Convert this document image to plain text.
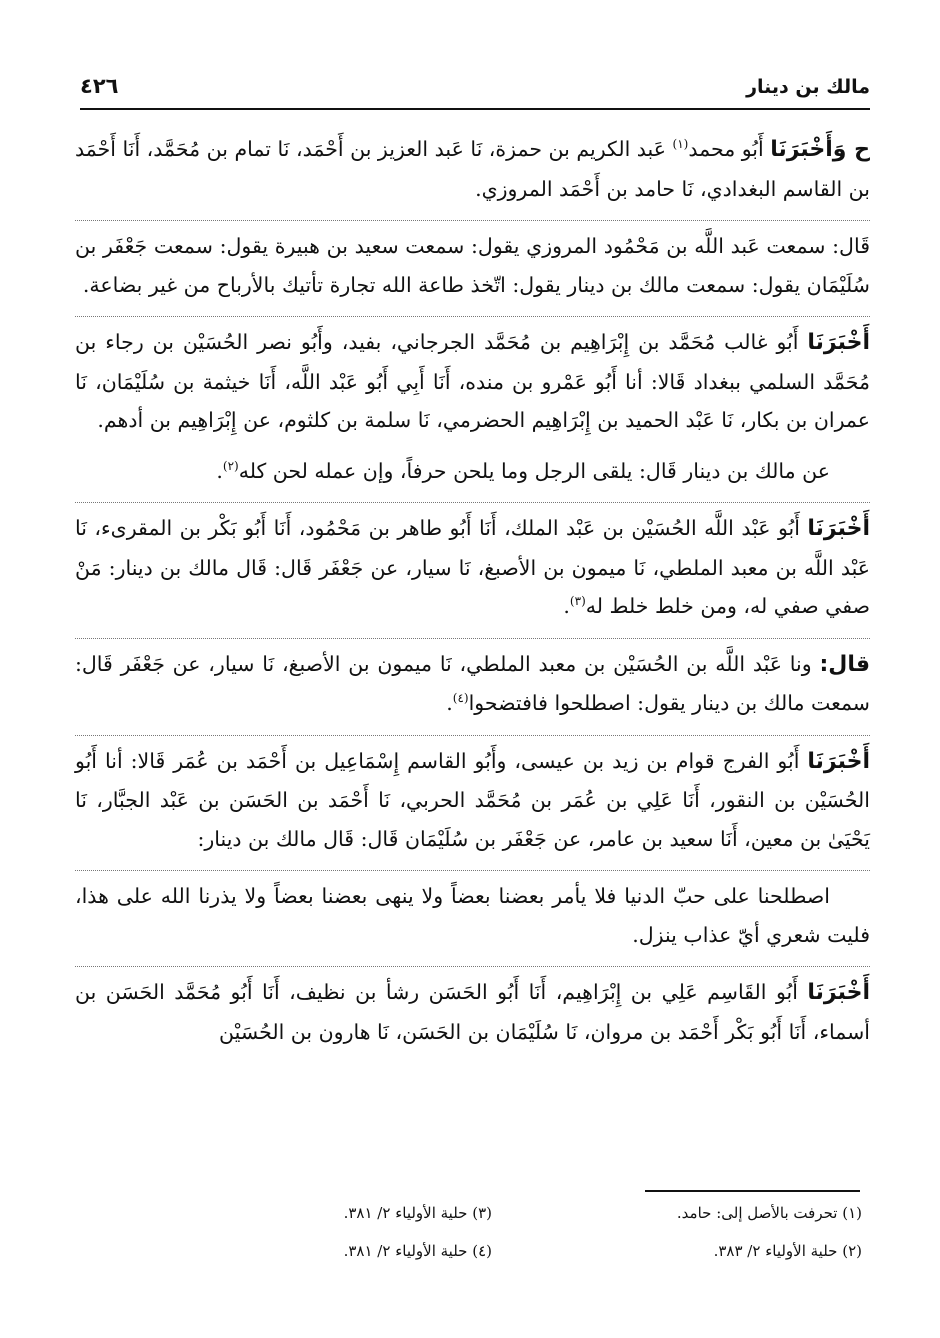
مالك بن دينار
٤٢٦

ح وَأَخْبَرَنَا أَبُو محمد$^{(١)}$ عَبد الكريم بن حمزة، نَا عَبد العزيز بن أَحْمَد، نَا تمام بن مُحَمَّد، أَنَا أَحْمَد بن القاسم البغدادي، نَا حامد بن أَحْمَد المروزي.

قَال: سمعت عَبد اللَّه بن مَحْمُود المروزي يقول: سمعت سعيد بن هبيرة يقول: سمعت جَعْفَر بن سُلَيْمَان يقول: سمعت مالك بن دينار يقول: اتّخذ طاعة الله تجارة تأتيك بالأرباح من غير بضاعة.

أَخْبَرَنَا أَبُو غالب مُحَمَّد بن إِبْرَاهِيم بن مُحَمَّد الجرجاني، بفيد، وأَبُو نصر الحُسَيْن بن رجاء بن مُحَمَّد السلمي ببغداد قَالا: أنا أَبُو عَمْرو بن منده، أَنَا أَبِي أَبُو عَبْد اللَّه، أَنَا خيثمة بن سُلَيْمَان، نَا عمران بن بكار، نَا عَبْد الحميد بن إِبْرَاهِيم الحضرمي، نَا سلمة بن كلثوم، عن إِبْرَاهِيم بن أدهم.

عن مالك بن دينار قَال: يلقى الرجل وما يلحن حرفاً، وإن عمله لحن كله$^{(٢)}$.

أَخْبَرَنَا أَبُو عَبْد اللَّه الحُسَيْن بن عَبْد الملك، أَنَا أَبُو طاهر بن مَحْمُود، أَنَا أَبُو بَكْر بن المقرىء، نَا عَبْد اللَّه بن معبد الملطي، نَا ميمون بن الأصبغ، نَا سيار، عن جَعْفَر قَال: قَال مالك بن دينار: مَنْ صفي صفي له، ومن خلط خلط له$^{(٣)}$.

قال: ونا عَبْد اللَّه بن الحُسَيْن بن معبد الملطي، نَا ميمون بن الأصبغ، نَا سيار، عن جَعْفَر قَال: سمعت مالك بن دينار يقول: اصطلحوا فافتضحوا$^{(٤)}$.

أَخْبَرَنَا أَبُو الفرج قوام بن زيد بن عيسى، وأَبُو القاسم إِسْمَاعِيل بن أَحْمَد بن عُمَر قَالا: أنا أَبُو الحُسَيْن بن النقور، أَنَا عَلِي بن عُمَر بن مُحَمَّد الحربي، نَا أَحْمَد بن الحَسَن بن عَبْد الجبَّار، نَا يَحْيَىٰ بن معين، أَنَا سعيد بن عامر، عن جَعْفَر بن سُلَيْمَان قَال: قَال مالك بن دينار:

اصطلحنا على حبّ الدنيا فلا يأمر بعضنا بعضاً ولا ينهى بعضنا بعضاً ولا يذرنا الله على هذا، فليت شعري أيّ عذاب ينزل.

أَخْبَرَنَا أَبُو القَاسِم عَلِي بن إِبْرَاهِيم، أَنَا أَبُو الحَسَن رشأ بن نظيف، أَنَا أَبُو مُحَمَّد الحَسَن بن أسماء، أَنَا أَبُو بَكْر أَحْمَد بن مروان، نَا سُلَيْمَان بن الحَسَن، نَا هارون بن الحُسَيْن

(١) تحرفت بالأصل إلى: حامد.
(٢) حلية الأولياء ٢/ ٣٨٣.
(٣) حلية الأولياء ٢/ ٣٨١.
(٤) حلية الأولياء ٢/ ٣٨١.
